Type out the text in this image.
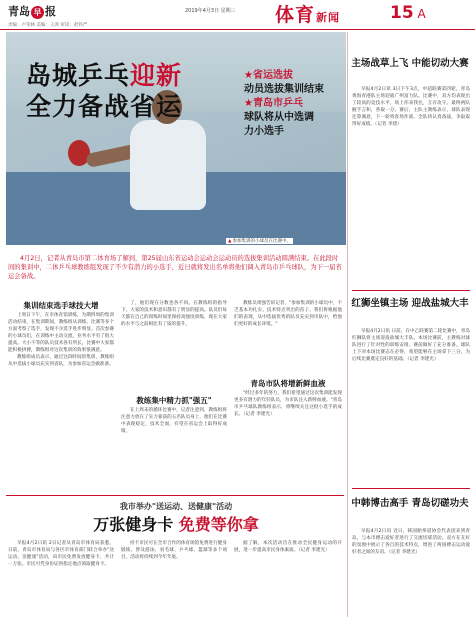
青岛 早 报	2019年4月3日 星期三 体育新闻	15 A
责编：卢荣林 美编：王鸿 审读：赵铁严
岛城乒乓迎新
全力备战省运
★省运选拔
动员选拔集训结束
★青岛市乒乓
球队将从中选调
力小选手
▲ 参加集训的小球员在比赛中。
4月2日，记者从青岛市第二体育场了解到，第25届山东省运动会运动会运动员的选拔集训活动圆满结束。在此段时间的集训中，二体乒乓球教练组发现了不少有潜力的小选手，近日就将发出名单将他们调入青岛市乒乓球队，为下一届省运会备战。
集训结束选手球技大增

上周日下午，在市体育馆训练，为期四周的集训活动结束，在集训期间，教练组从训练、比赛等多个方面考察了选手，发现不少选手进步明显。首次参赛的小球员们，在训练中主动交流，业务水平有了很大提高。大小不等的队员技术各有所长，比赛中大家都能积极拼搏，教练组对这次集训的效果很满意。

教练组成员表示，通过这段时间的集训，教练组从中选拔小球员充实到省队，为参加省运会做准备。

了，他们现在分数也各不同。在教练组的指导下，大家的技术和意识都有了明显的提高。队员们每天都在自己的训练时间里保持高强度训练，现在大家的水平与之前相比有了质的提升。

教练集中精力抓"强五"

在上周末的循环比赛中，记者注意到，教练组将注意力放在了实力靠前的五名队员身上，他们在比赛中表现稳定，技术全面，有望在省运会上取得好成绩。

教练员周强告诉记者，"参加集训的小球员中，不乏基本功扎实、技术特点突出的苗子。我们将根据他们的表现，从中选拔优秀的队员充实到市队中，给他们更好的成长环境。"

青岛市队将增新鲜血液

"经过多年的努力，我们希望通过这次集训能发现更多有潜力的年轻队员，为市队注入新鲜血液。"青岛市乒乓球队教练组表示，将继续关注这批小选手的成长。（记者 李建光）

我市举办"送运动、送健康"活动
万张健身卡 免费等你拿

早报4月2日讯 2日记者从青岛市体育局获悉，日前，青岛市体育局与各区市体育部门联合举办"送运动、送健康"活动，向市民免费发放健身卡，共计一万张。市民可凭身份证到指定地点领取健身卡。

持卡市民可在全市合作的体育场馆免费进行健身锻炼，涉及游泳、羽毛球、乒乓球、篮球等多个项目。活动将持续到今年年底。

据了解，本次活动旨在推动全民健身运动的开展，进一步提高市民身体素质。（记者 李建光）

主场战草上飞 中能切动大赛

早报4月2日讯 3日下午3点，中超联赛第四轮，青岛黄海青港队主场迎战广州富力队。比赛中，双方均表现出了较高的竞技水平，场上你来我往，互有攻守。最终两队握手言和，各取一分。赛后，主队主教练表示，球队表现还算满意，下一轮将客场作战，全队将认真备战，争取取得好成绩。（记者 李建）

红狮坐镇主场 迎战盐城大丰

早报4月2日讯 日前，在中乙联赛第二轮比赛中，青岛红狮队将主场迎战盐城大丰队。本场比赛前，主教练对球队进行了针对性的训练安排，赛前做好了充分准备。球队上下对本场比赛志在必得，希望能够在主场拿下三分，为后续比赛奠定良好的基础。（记者 李建光）

中韩博击高手 青岛切磋功夫

早报4月2日讯 近日，韩国跆拳道协会代表团来到青岛，与本市搏击爱好者进行了交流切磋活动。双方在友好的氛围中展示了各自的技术特点，增进了两国搏击运动爱好者之间的友谊。（记者 李建光）
